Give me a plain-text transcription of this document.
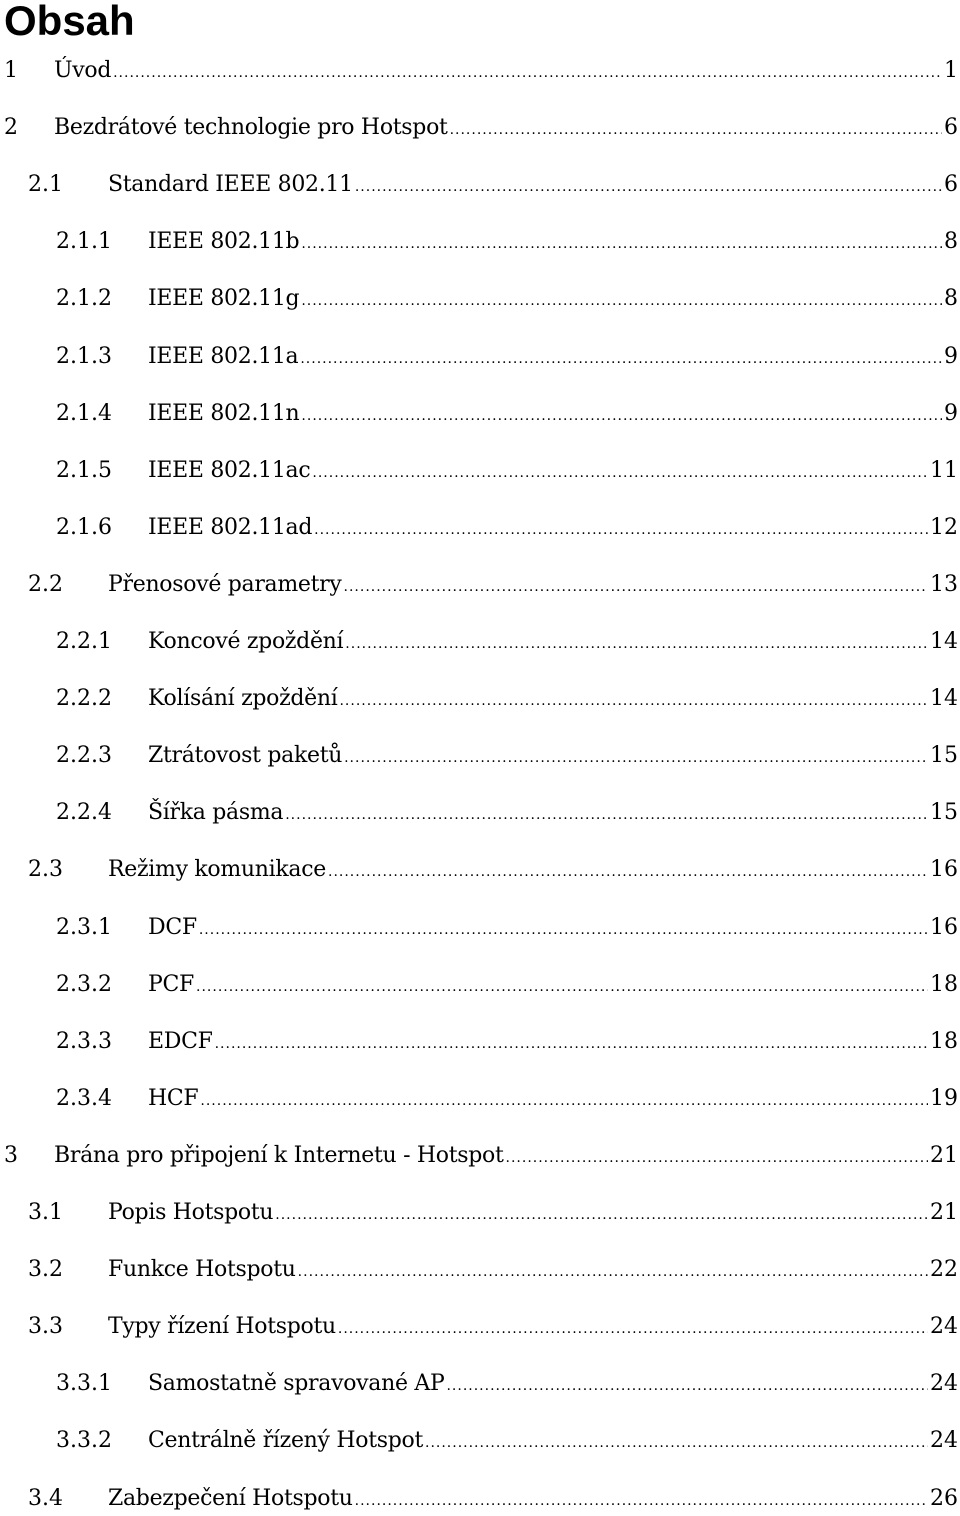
Obsah
1	Úvod .....	1
2	Bezdrátové technologie pro Hotspot .....	6
2.1	Standard IEEE 802.11 .....	6
2.1.1	IEEE 802.11b .....	8
2.1.2	IEEE 802.11g .....	8
2.1.3	IEEE 802.11a .....	9
2.1.4	IEEE 802.11n .....	9
2.1.5	IEEE 802.11ac .....	11
2.1.6	IEEE 802.11ad .....	12
2.2	Přenosové parametry .....	13
2.2.1	Koncové zpoždění .....	14
2.2.2	Kolísání zpoždění .....	14
2.2.3	Ztrátovost paketů .....	15
2.2.4	Šířka pásma .....	15
2.3	Režimy komunikace .....	16
2.3.1	DCF .....	16
2.3.2	PCF .....	18
2.3.3	EDCF .....	18
2.3.4	HCF .....	19
3	Brána pro připojení k Internetu - Hotspot .....	21
3.1	Popis Hotspotu .....	21
3.2	Funkce Hotspotu .....	22
3.3	Typy řízení Hotspotu .....	24
3.3.1	Samostatně spravované AP .....	24
3.3.2	Centrálně řízený Hotspot .....	24
3.4	Zabezpečení Hotspotu .....	26
